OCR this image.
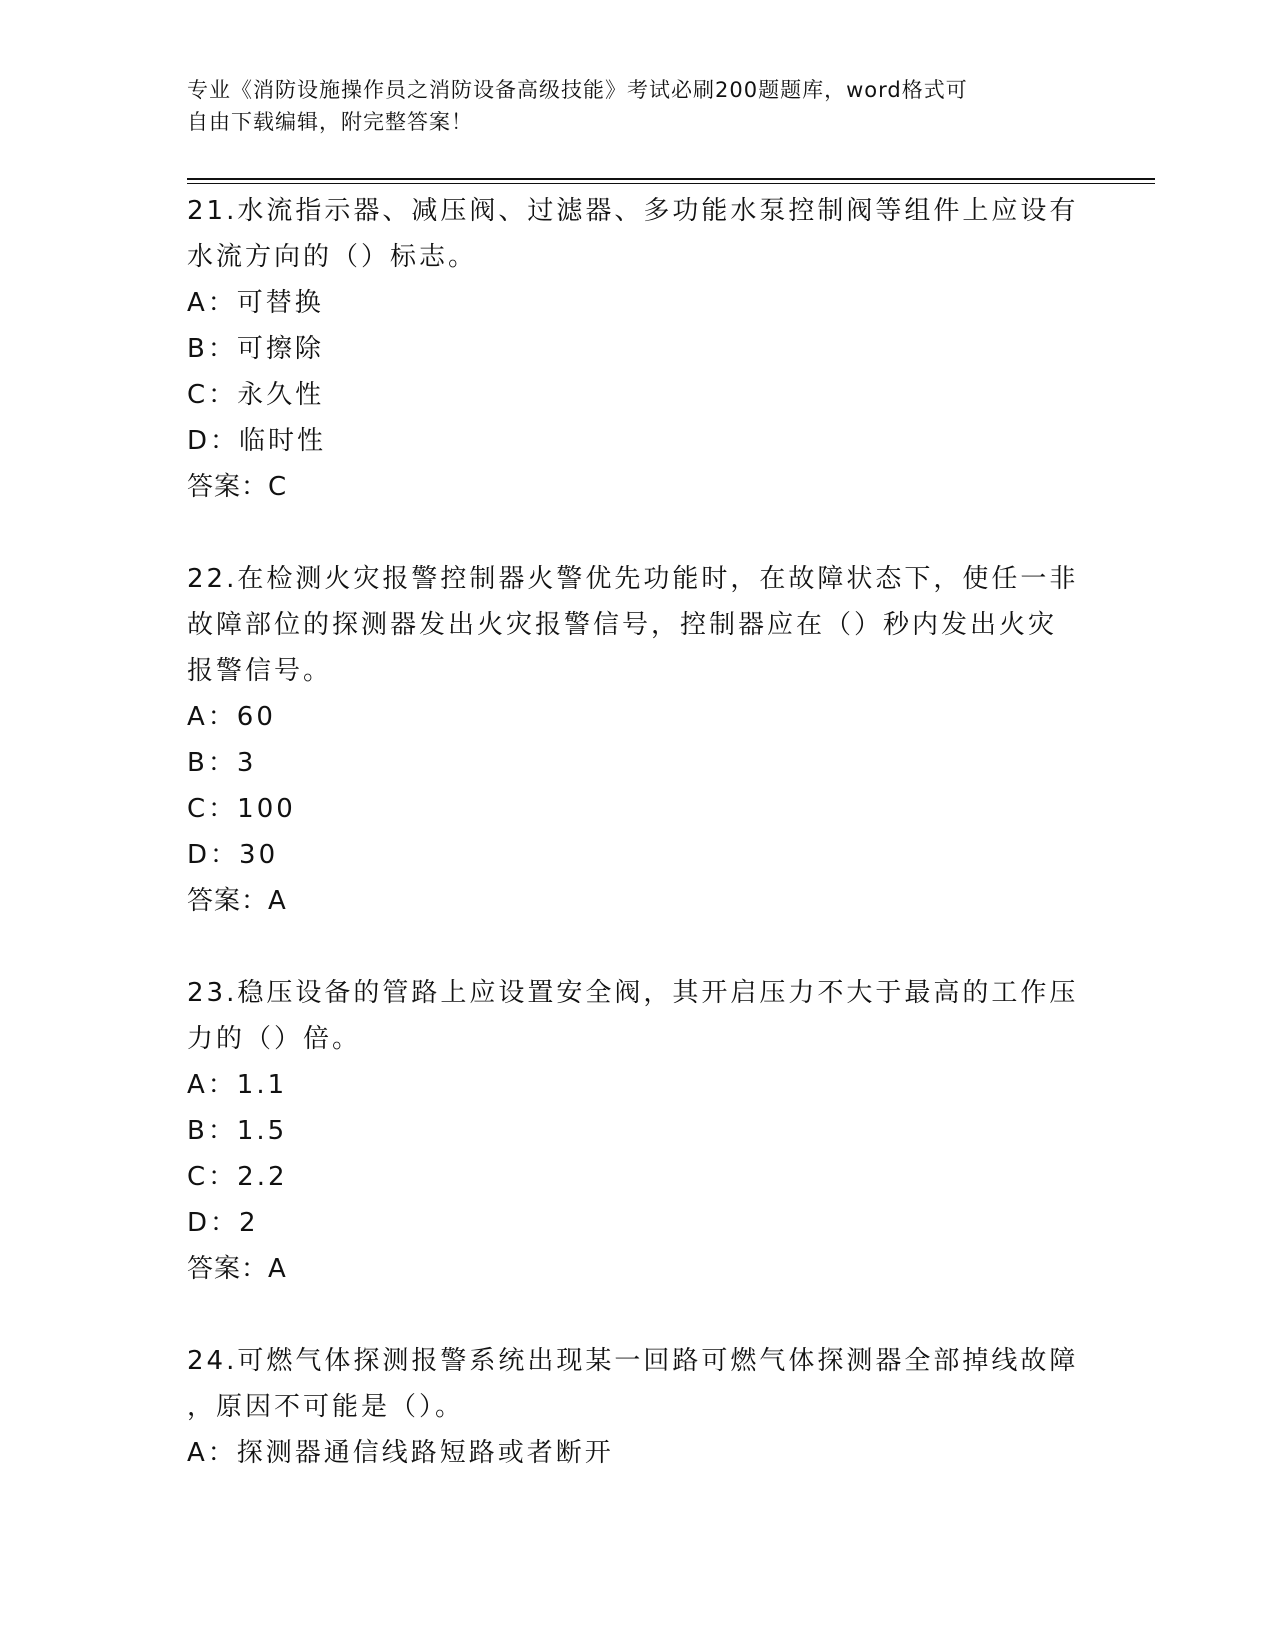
专业《消防设施操作员之消防设备高级技能》考试必刷200题题库，word格式可
自由下载编辑，附完整答案！
21.水流指示器、减压阀、过滤器、多功能水泵控制阀等组件上应设有
水流方向的（）标志。
A：可替换
B：可擦除
C：永久性
D：临时性
答案：C
22.在检测火灾报警控制器火警优先功能时，在故障状态下，使任一非
故障部位的探测器发出火灾报警信号，控制器应在（）秒内发出火灾
报警信号。
A：60
B：3
C：100
D：30
答案：A
23.稳压设备的管路上应设置安全阀，其开启压力不大于最高的工作压
力的（）倍。
A：1.1
B：1.5
C：2.2
D：2
答案：A
24.可燃气体探测报警系统出现某一回路可燃气体探测器全部掉线故障
，原因不可能是（）。
A：探测器通信线路短路或者断开
